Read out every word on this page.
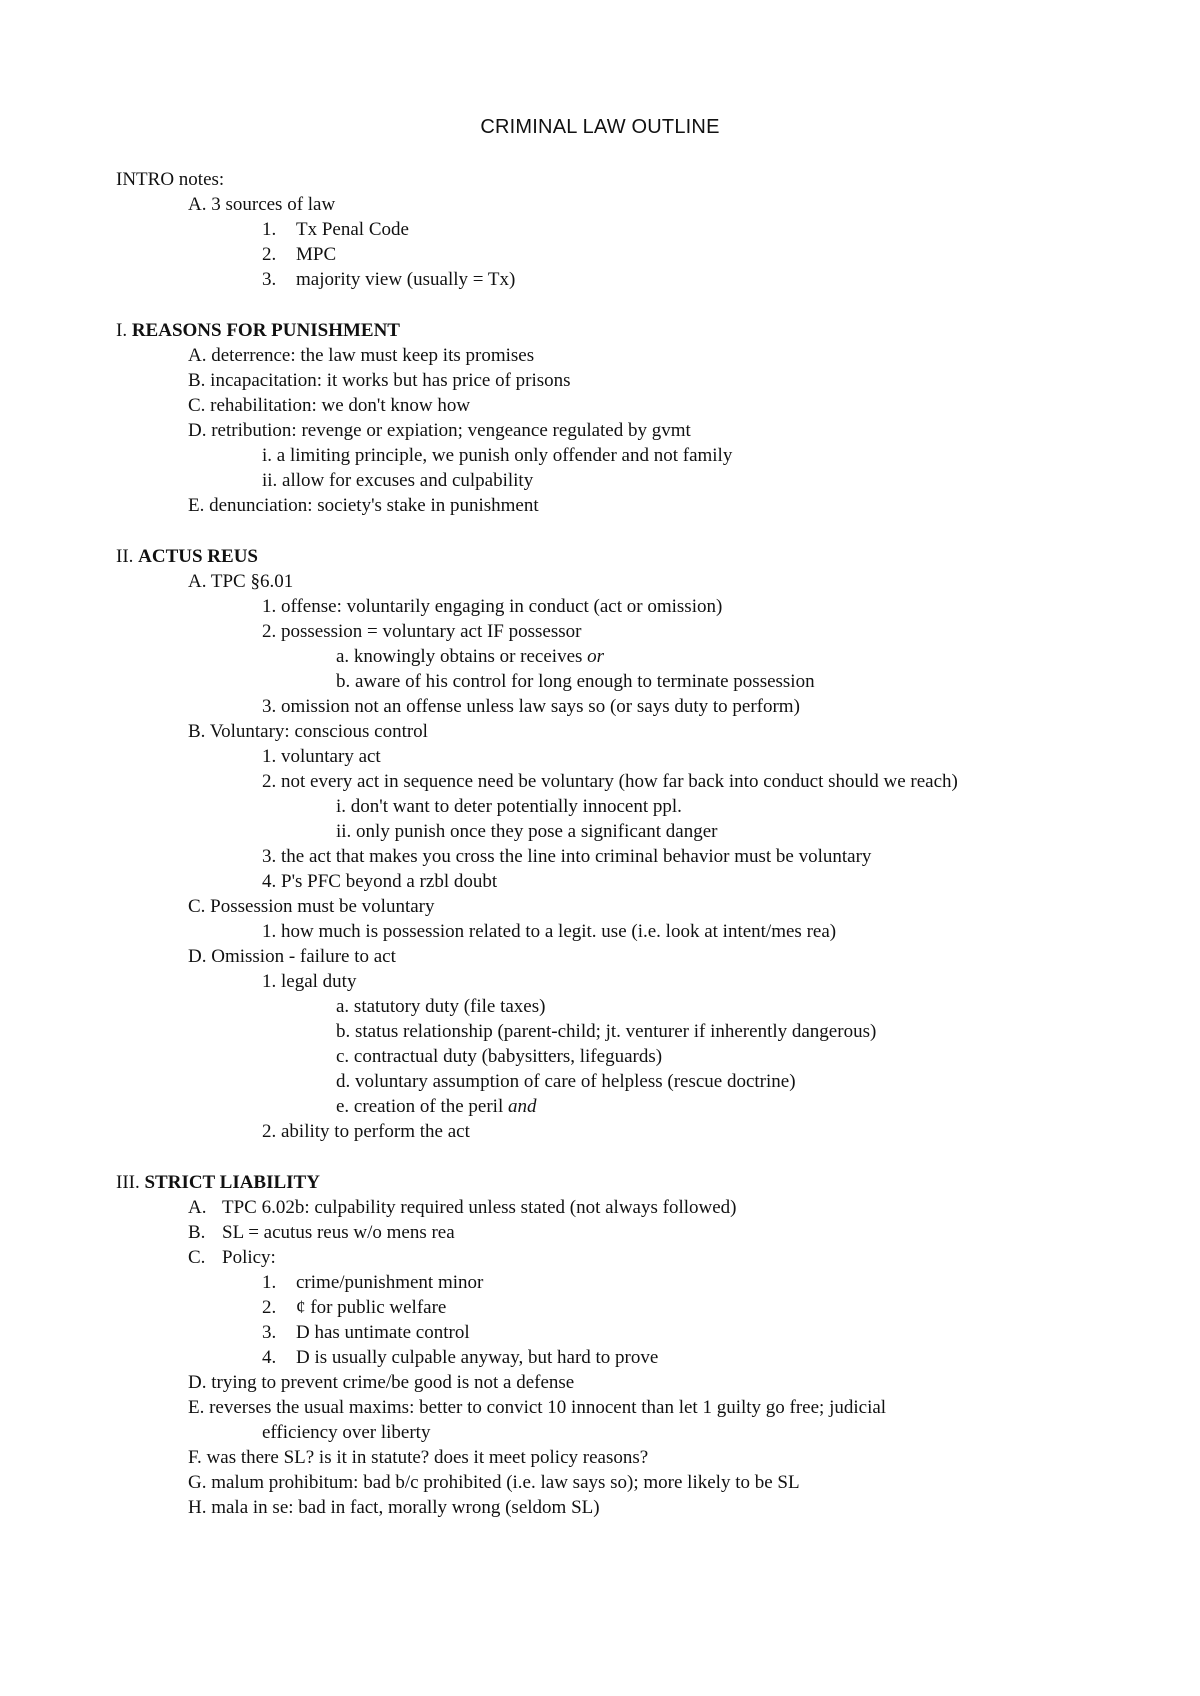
CRIMINAL LAW OUTLINE
INTRO notes:
A. 3 sources of law
1. Tx Penal Code
2. MPC
3. majority view (usually = Tx)
I. REASONS FOR PUNISHMENT
A. deterrence: the law must keep its promises
B. incapacitation: it works but has price of prisons
C. rehabilitation: we don't know how
D. retribution: revenge or expiation; vengeance regulated by gvmt
i. a limiting principle, we punish only offender and not family
ii. allow for excuses and culpability
E. denunciation: society's stake in punishment
II. ACTUS REUS
A. TPC §6.01
1. offense: voluntarily engaging in conduct (act or omission)
2. possession = voluntary act IF possessor
a. knowingly obtains or receives or
b. aware of his control for long enough to terminate possession
3. omission not an offense unless law says so (or says duty to perform)
B. Voluntary: conscious control
1. voluntary act
2. not every act in sequence need be voluntary (how far back into conduct should we reach)
i. don't want to deter potentially innocent ppl.
ii. only punish once they pose a significant danger
3. the act that makes you cross the line into criminal behavior must be voluntary
4. P's PFC beyond a rzbl doubt
C. Possession must be voluntary
1. how much is possession related to a legit. use (i.e. look at intent/mes rea)
D. Omission - failure to act
1. legal duty
a. statutory duty (file taxes)
b. status relationship (parent-child; jt. venturer if inherently dangerous)
c. contractual duty (babysitters, lifeguards)
d. voluntary assumption of care of helpless (rescue doctrine)
e. creation of the peril and
2. ability to perform the act
III. STRICT LIABILITY
A. TPC 6.02b: culpability required unless stated (not always followed)
B. SL = acutus reus w/o mens rea
C. Policy:
1. crime/punishment minor
2. ¢ for public welfare
3. D has untimate control
4. D is usually culpable anyway, but hard to prove
D. trying to prevent crime/be good is not a defense
E. reverses the usual maxims: better to convict 10 innocent than let 1 guilty go free; judicial
efficiency over liberty
F. was there SL? is it in statute? does it meet policy reasons?
G. malum prohibitum: bad b/c prohibited (i.e. law says so); more likely to be SL
H. mala in se: bad in fact, morally wrong (seldom SL)
